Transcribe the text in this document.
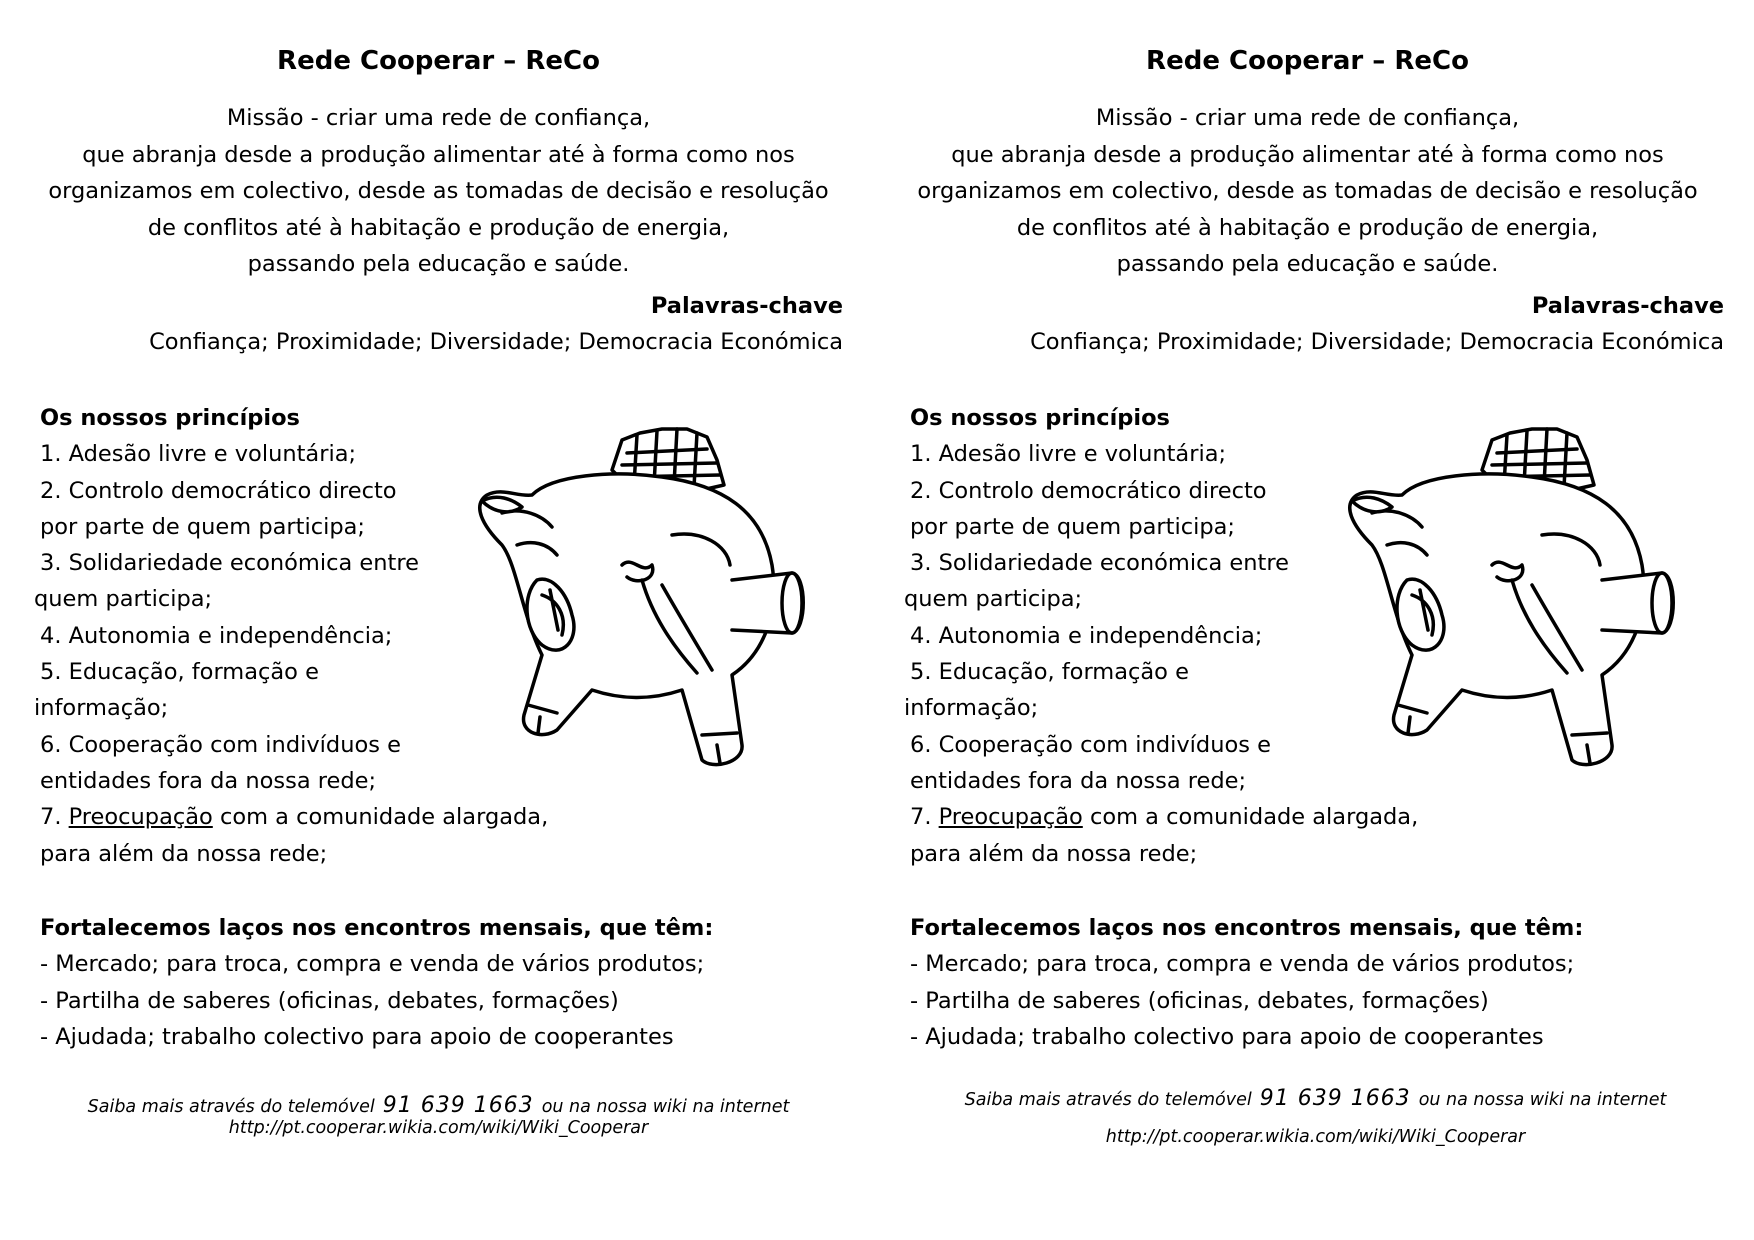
Rede Cooperar – ReCo
Missão - criar uma rede de confiança,
que abranja desde a produção alimentar até à forma como nos
organizamos em colectivo, desde as tomadas de decisão e resolução
de conflitos até à habitação e produção de energia,
passando pela educação e saúde.
Palavras-chave
Confiança; Proximidade; Diversidade; Democracia Económica
Os nossos princípios
1. Adesão livre e voluntária;
2. Controlo democrático directo
por parte de quem participa;
3. Solidariedade económica entre
quem participa;
4. Autonomia e independência;
5. Educação, formação e
informação;
6. Cooperação com indivíduos e
entidades fora da nossa rede;
7. Preocupação com a comunidade alargada,
para além da nossa rede;
Fortalecemos laços nos encontros mensais, que têm:
- Mercado; para troca, compra e venda de vários produtos;
- Partilha de saberes (oficinas, debates, formações)
- Ajudada; trabalho colectivo para apoio de cooperantes
Saiba mais através do telemóvel 91 639 1663 ou na nossa wiki na internet
http://pt.cooperar.wikia.com/wiki/Wiki_Cooperar
Rede Cooperar – ReCo
Missão - criar uma rede de confiança,
que abranja desde a produção alimentar até à forma como nos
organizamos em colectivo, desde as tomadas de decisão e resolução
de conflitos até à habitação e produção de energia,
passando pela educação e saúde.
Palavras-chave
Confiança; Proximidade; Diversidade; Democracia Económica
Os nossos princípios
1. Adesão livre e voluntária;
2. Controlo democrático directo
por parte de quem participa;
3. Solidariedade económica entre
quem participa;
4. Autonomia e independência;
5. Educação, formação e
informação;
6. Cooperação com indivíduos e
entidades fora da nossa rede;
7. Preocupação com a comunidade alargada,
para além da nossa rede;
Fortalecemos laços nos encontros mensais, que têm:
- Mercado; para troca, compra e venda de vários produtos;
- Partilha de saberes (oficinas, debates, formações)
- Ajudada; trabalho colectivo para apoio de cooperantes
Saiba mais através do telemóvel 91 639 1663 ou na nossa wiki na internet
http://pt.cooperar.wikia.com/wiki/Wiki_Cooperar
